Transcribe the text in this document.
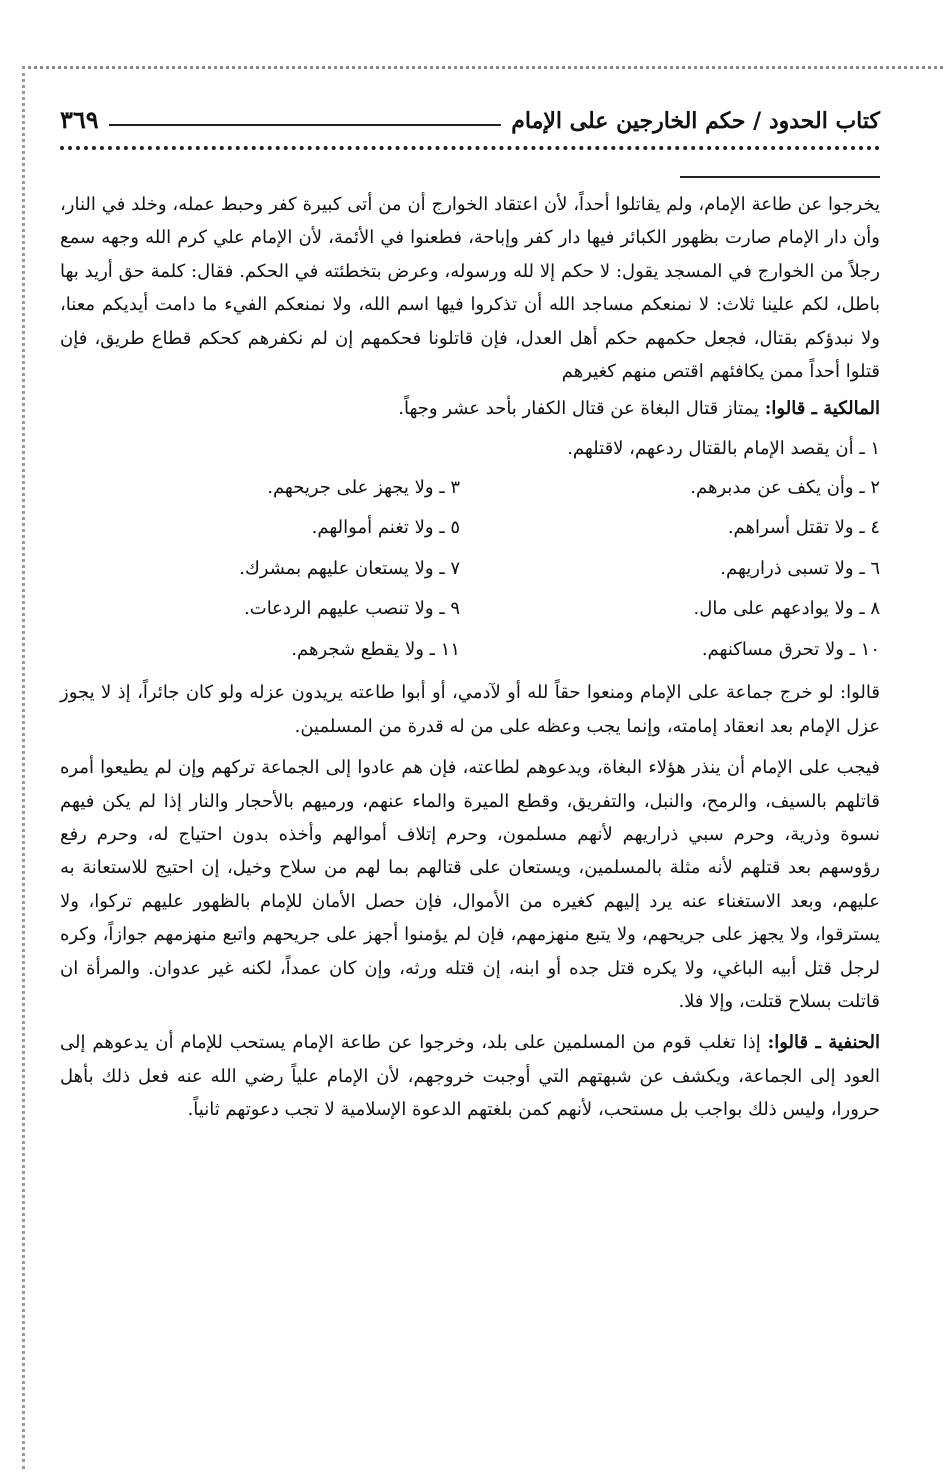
كتاب الحدود / حكم الخارجين على الإمام
٣٦٩

يخرجوا عن طاعة الإمام، ولم يقاتلوا أحداً، لأن اعتقاد الخوارج أن من أتى كبيرة كفر وحبط عمله، وخلد في النار، وأن دار الإمام صارت بظهور الكبائر فيها دار كفر وإباحة، فطعنوا في الأئمة، لأن الإمام علي كرم الله وجهه سمع رجلاً من الخوارج في المسجد يقول: لا حكم إلا لله ورسوله، وعرض بتخطئته في الحكم. فقال: كلمة حق أريد بها باطل، لكم علينا ثلاث: لا نمنعكم مساجد الله أن تذكروا فيها اسم الله، ولا نمنعكم الفيء ما دامت أيديكم معنا، ولا نبدؤكم بقتال، فجعل حكمهم حكم أهل العدل، فإن قاتلونا فحكمهم إن لم نكفرهم كحكم قطاع طريق، فإن قتلوا أحداً ممن يكافئهم اقتص منهم كغيرهم

المالكية ـ قالوا: يمتاز قتال البغاة عن قتال الكفار بأحد عشر وجهاً.

١ ـ أن يقصد الإمام بالقتال ردعهم، لاقتلهم.
٢ ـ وأن يكف عن مدبرهم.
٣ ـ ولا يجهز على جريحهم.
٤ ـ ولا تقتل أسراهم.
٥ ـ ولا تغنم أموالهم.
٦ ـ ولا تسبى ذراريهم.
٧ ـ ولا يستعان عليهم بمشرك.
٨ ـ ولا يوادعهم على مال.
٩ ـ ولا تنصب عليهم الردعات.
١٠ ـ ولا تحرق مساكنهم.
١١ ـ ولا يقطع شجرهم.

قالوا: لو خرج جماعة على الإمام ومنعوا حقاً لله أو لآدمي، أو أبوا طاعته يريدون عزله ولو كان جائراً، إذ لا يجوز عزل الإمام بعد انعقاد إمامته، وإنما يجب وعظه على من له قدرة من المسلمين.

فيجب على الإمام أن ينذر هؤلاء البغاة، ويدعوهم لطاعته، فإن هم عادوا إلى الجماعة تركهم وإن لم يطيعوا أمره قاتلهم بالسيف، والرمح، والنبل، والتفريق، وقطع الميرة والماء عنهم، ورميهم بالأحجار والنار إذا لم يكن فيهم نسوة وذرية، وحرم سبي ذراريهم لأنهم مسلمون، وحرم إتلاف أموالهم وأخذه بدون احتياج له، وحرم رفع رؤوسهم بعد قتلهم لأنه مثلة بالمسلمين، ويستعان على قتالهم بما لهم من سلاح وخيل، إن احتيج للاستعانة به عليهم، وبعد الاستغناء عنه يرد إليهم كغيره من الأموال، فإن حصل الأمان للإمام بالظهور عليهم تركوا، ولا يسترقوا، ولا يجهز على جريحهم، ولا يتبع منهزمهم، فإن لم يؤمنوا أجهز على جريحهم واتبع منهزمهم جوازاً، وكره لرجل قتل أبيه الباغي، ولا يكره قتل جده أو ابنه، إن قتله ورثه، وإن كان عمداً، لكنه غير عدوان. والمرأة ان قاتلت بسلاح قتلت، وإلا فلا.

الحنفية ـ قالوا: إذا تغلب قوم من المسلمين على بلد، وخرجوا عن طاعة الإمام يستحب للإمام أن يدعوهم إلى العود إلى الجماعة، ويكشف عن شبهتهم التي أوجبت خروجهم، لأن الإمام علياً رضي الله عنه فعل ذلك بأهل حرورا، وليس ذلك بواجب بل مستحب، لأنهم كمن بلغتهم الدعوة الإسلامية لا تجب دعوتهم ثانياً.
